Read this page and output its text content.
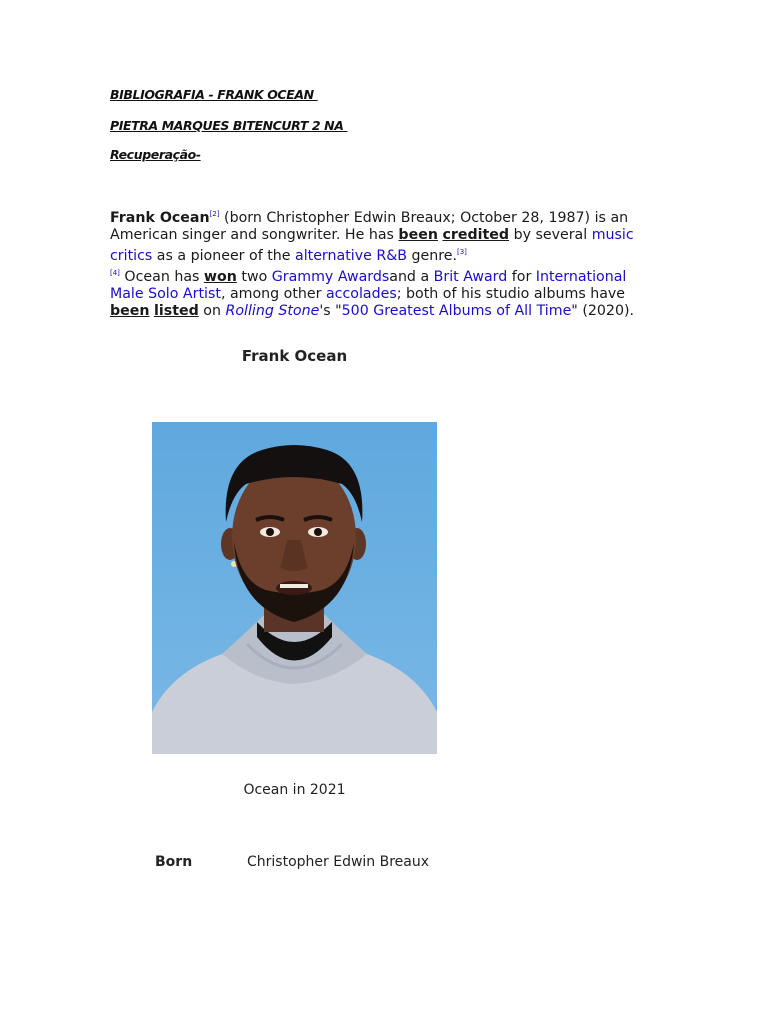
BIBLIOGRAFIA - FRANK OCEAN
PIETRA MARQUES BITENCURT 2 NA
Recuperação-
Frank Ocean[2] (born Christopher Edwin Breaux; October 28, 1987) is an American singer and songwriter. He has been credited by several music critics as a pioneer of the alternative R&B genre.[3]
[4] Ocean has won two Grammy Awardsand a Brit Award for International Male Solo Artist, among other accolades; both of his studio albums have been listed on Rolling Stone's "500 Greatest Albums of All Time" (2020).
Frank Ocean
Ocean in 2021
Born	Christopher Edwin Breaux
